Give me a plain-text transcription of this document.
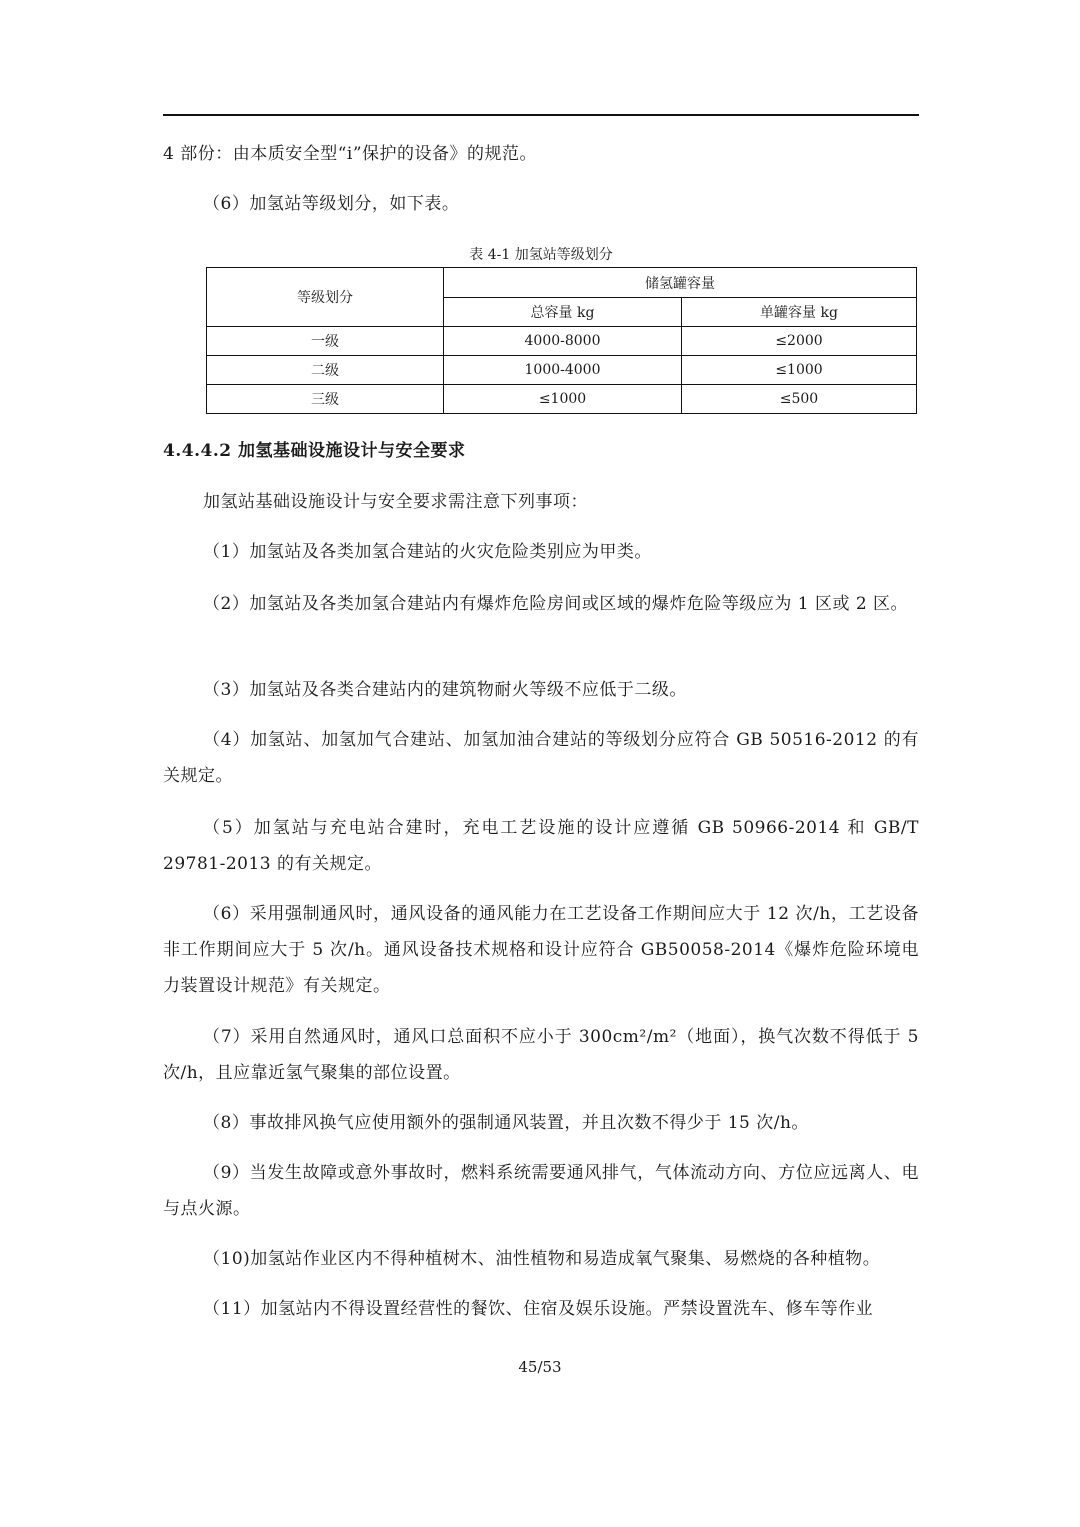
4 部份：由本质安全型“i”保护的设备》的规范。

（6）加氢站等级划分，如下表。

表 4-1 加氢站等级划分
等级划分	储氢罐容量	
	总容量 kg	单罐容量 kg
一级	4000-8000	≤2000
二级	1000-4000	≤1000
三级	≤1000	≤500

4.4.4.2 加氢基础设施设计与安全要求

加氢站基础设施设计与安全要求需注意下列事项：

（1）加氢站及各类加氢合建站的火灾危险类别应为甲类。

（2）加氢站及各类加氢合建站内有爆炸危险房间或区域的爆炸危险等级应为 1 区或 2 区。

（3）加氢站及各类合建站内的建筑物耐火等级不应低于二级。

（4）加氢站、加氢加气合建站、加氢加油合建站的等级划分应符合 GB 50516-2012 的有关规定。

（5）加氢站与充电站合建时，充电工艺设施的设计应遵循 GB 50966-2014 和 GB/T 29781-2013 的有关规定。

（6）采用强制通风时，通风设备的通风能力在工艺设备工作期间应大于 12 次/h，工艺设备非工作期间应大于 5 次/h。通风设备技术规格和设计应符合 GB50058-2014《爆炸危险环境电力装置设计规范》有关规定。

（7）采用自然通风时，通风口总面积不应小于 300cm²/m²（地面），换气次数不得低于 5 次/h，且应靠近氢气聚集的部位设置。

（8）事故排风换气应使用额外的强制通风装置，并且次数不得少于 15 次/h。

（9）当发生故障或意外事故时，燃料系统需要通风排气，气体流动方向、方位应远离人、电与点火源。

（10)加氢站作业区内不得种植树木、油性植物和易造成氧气聚集、易燃烧的各种植物。

（11）加氢站内不得设置经营性的餐饮、住宿及娱乐设施。严禁设置洗车、修车等作业

45/53
